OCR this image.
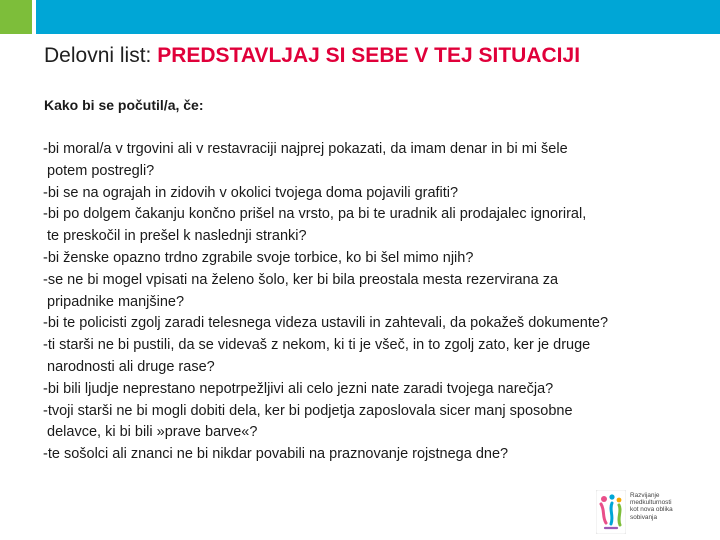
Delovni list: PREDSTAVLJAJ SI SEBE V TEJ SITUACIJI
Kako bi se počutil/a, če:
-bi moral/a v trgovini ali v restavraciji najprej pokazati, da imam denar in bi mi šele
potem postregli?
-bi se na ograjah in zidovih v okolici tvojega doma pojavili grafiti?
-bi po dolgem čakanju končno prišel na vrsto, pa bi te uradnik ali prodajalec ignoriral,
te preskočil in prešel k naslednji stranki?
-bi ženske opazno trdno zgrabile svoje torbice, ko bi šel mimo njih?
-se ne bi mogel vpisati na želeno šolo, ker bi bila preostala mesta rezervirana za
pripadnike manjšine?
-bi te policisti zgolj zaradi telesnega videza ustavili in zahtevali, da pokažeš dokumente?
-ti starši ne bi pustili, da se videvaš z nekom, ki ti je všeč, in to zgolj zato, ker je druge
narodnosti ali druge rase?
-bi bili ljudje neprestano nepotrpežljivi ali celo jezni nate zaradi tvojega narečja?
-tvoji starši ne bi mogli dobiti dela, ker bi podjetja zaposlovala sicer manj sposobne
delavce, ki bi bili »prave barve«?
-te sošolci ali znanci ne bi nikdar povabili na praznovanje rojstnega dne?
Razvijanje
medkulturnosti
kot nova oblika
sobivanja
